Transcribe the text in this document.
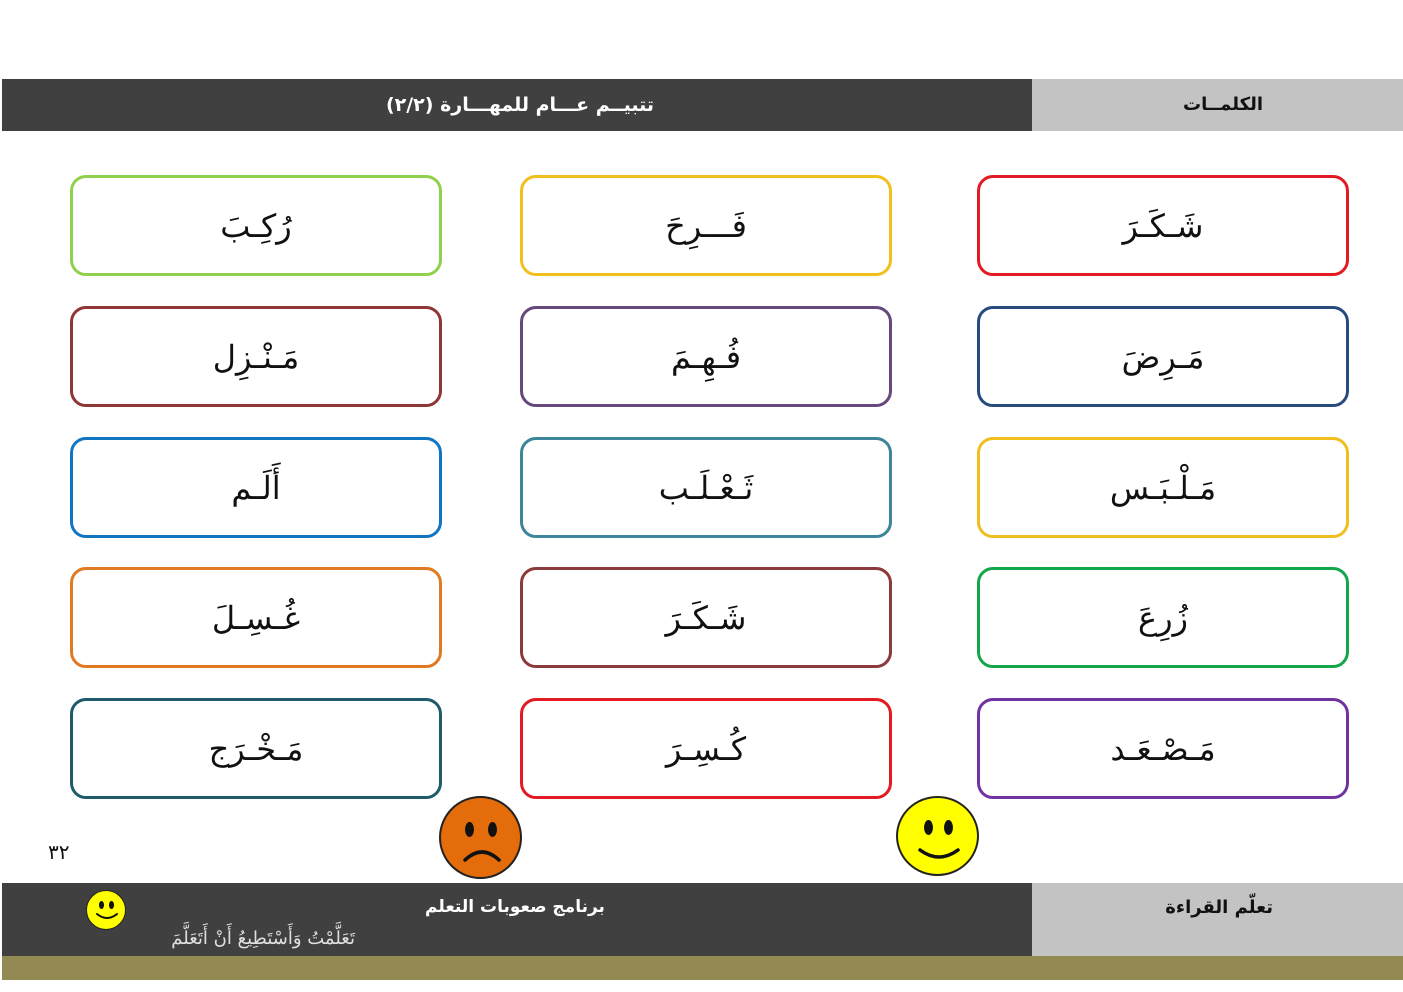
تتبيــم عـــام للمهـــارة (٢/٢)	الكلمــات
شَـكَـرَ
فَـــرِحَ
رُكِـبَ
مَـرِضَ
فُـهِـمَ
مَـنْـزِل
مَـلْـبَـس
ثَـعْـلَـب
أَلَـم
زُرِعَ
شَـكَـرَ
غُـسِـلَ
مَـصْـعَـد
كُـسِـرَ
مَـخْـرَج
٣٢
برنامج صعوبات التعلم	تعلّم القراءة
تَعَلَّمْتُ وَأَسْتَطِيعُ أَنْ أَتَعَلَّمَ
